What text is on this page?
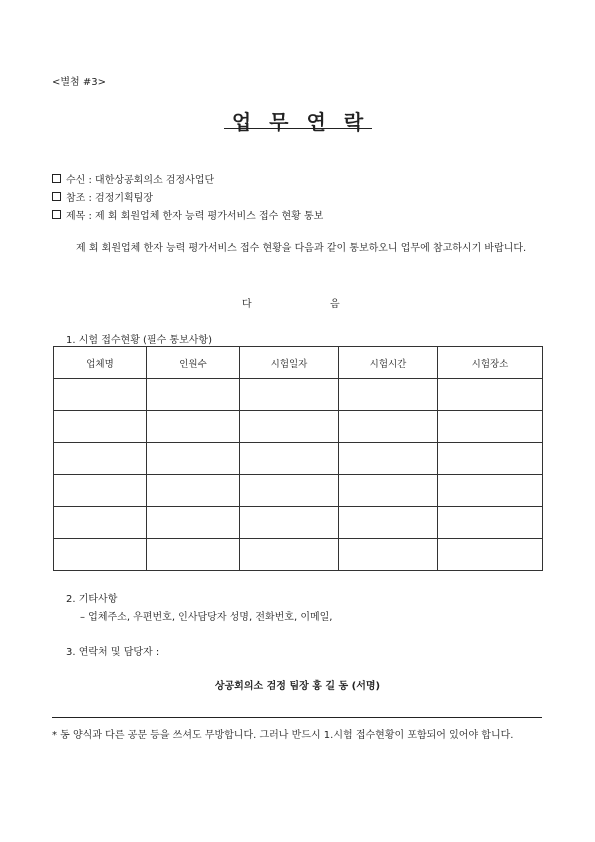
<별첨 #3>
업 무 연 락
수신 : 대한상공회의소 검정사업단
참조 : 검정기획팀장
제목 : 제 회 회원업체 한자 능력 평가서비스 접수 현황 통보
제 회 회원업체 한자 능력 평가서비스 접수 현황을 다음과 같이 통보하오니 업무에 참고하시기 바랍니다.
다	음
1. 시험 접수현황 (필수 통보사항)
업체명	인원수	시험일자	시험시간	시험장소

2. 기타사항
– 업체주소, 우편번호, 인사담당자 성명, 전화번호, 이메일,
3. 연락처 및 담당자 :
상공회의소 검정 팀장 홍 길 동 (서명)
* 동 양식과 다른 공문 등을 쓰셔도 무방합니다. 그러나 반드시 1.시험 접수현황이 포함되어 있어야 합니다.
